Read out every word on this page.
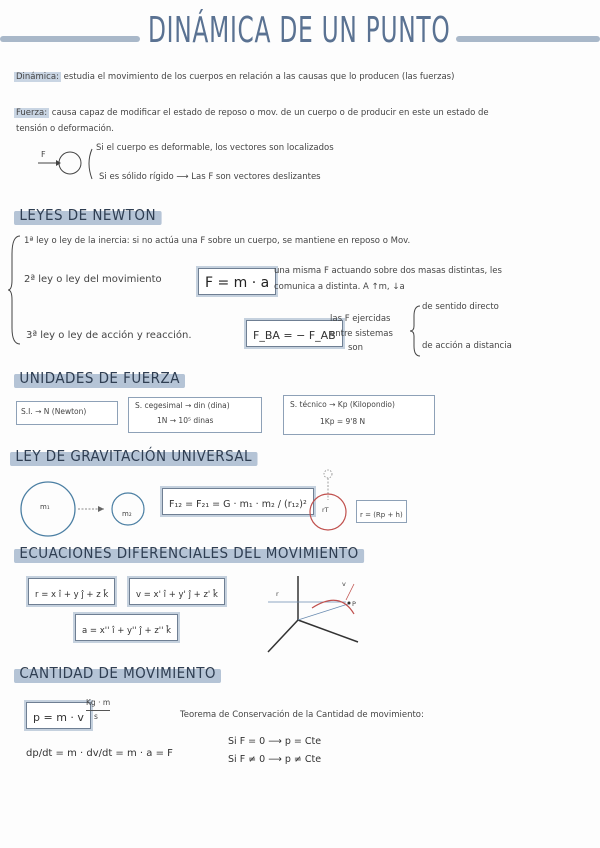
DINÁMICA DE UN PUNTO
Dinámica: estudia el movimiento de los cuerpos en relación a las causas que lo producen (las fuerzas)
Fuerza: causa capaz de modificar el estado de reposo o mov. de un cuerpo o de producir en este un estado de
tensión o deformación.
F
Si el cuerpo es deformable, los vectores son localizados
Si es sólido rígido ⟶ Las F son vectores deslizantes
LEYES DE NEWTON
1ª ley o ley de la inercia: si no actúa una F sobre un cuerpo, se mantiene en reposo o Mov.
2ª ley o ley del movimiento	F = m · a
una misma F actuando sobre dos masas distintas, les
comunica a distinta. A ↑m, ↓a
3ª ley o ley de acción y reacción.	F_BA = − F_AB
las F ejercidas
entre sistemas
son
de sentido directo
de acción a distancia
UNIDADES DE FUERZA
S.I. → N (Newton)
S. cegesimal → din (dina)
1N → 10⁵ dinas
S. técnico → Kp (Kilopondio)
1Kp = 9'8 N
LEY DE GRAVITACIÓN UNIVERSAL
m₁
m₂
F₁₂ = F₂₁ = G · m₁ · m₂ / (r₁₂)²	rT
r = (Rp + h)
ECUACIONES DIFERENCIALES DEL MOVIMIENTO
r = x î + y ĵ + z k̂	v = x' î + y' ĵ + z' k̂
a = x'' î + y'' ĵ + z'' k̂
r
v
P
CANTIDAD DE MOVIMIENTO
p = m · v
Kg · m
s
dp/dt = m · dv/dt = m · a = F
Teorema de Conservación de la Cantidad de movimiento:
Si F = 0 ⟶ p = Cte
Si F ≠ 0 ⟶ p ≠ Cte
